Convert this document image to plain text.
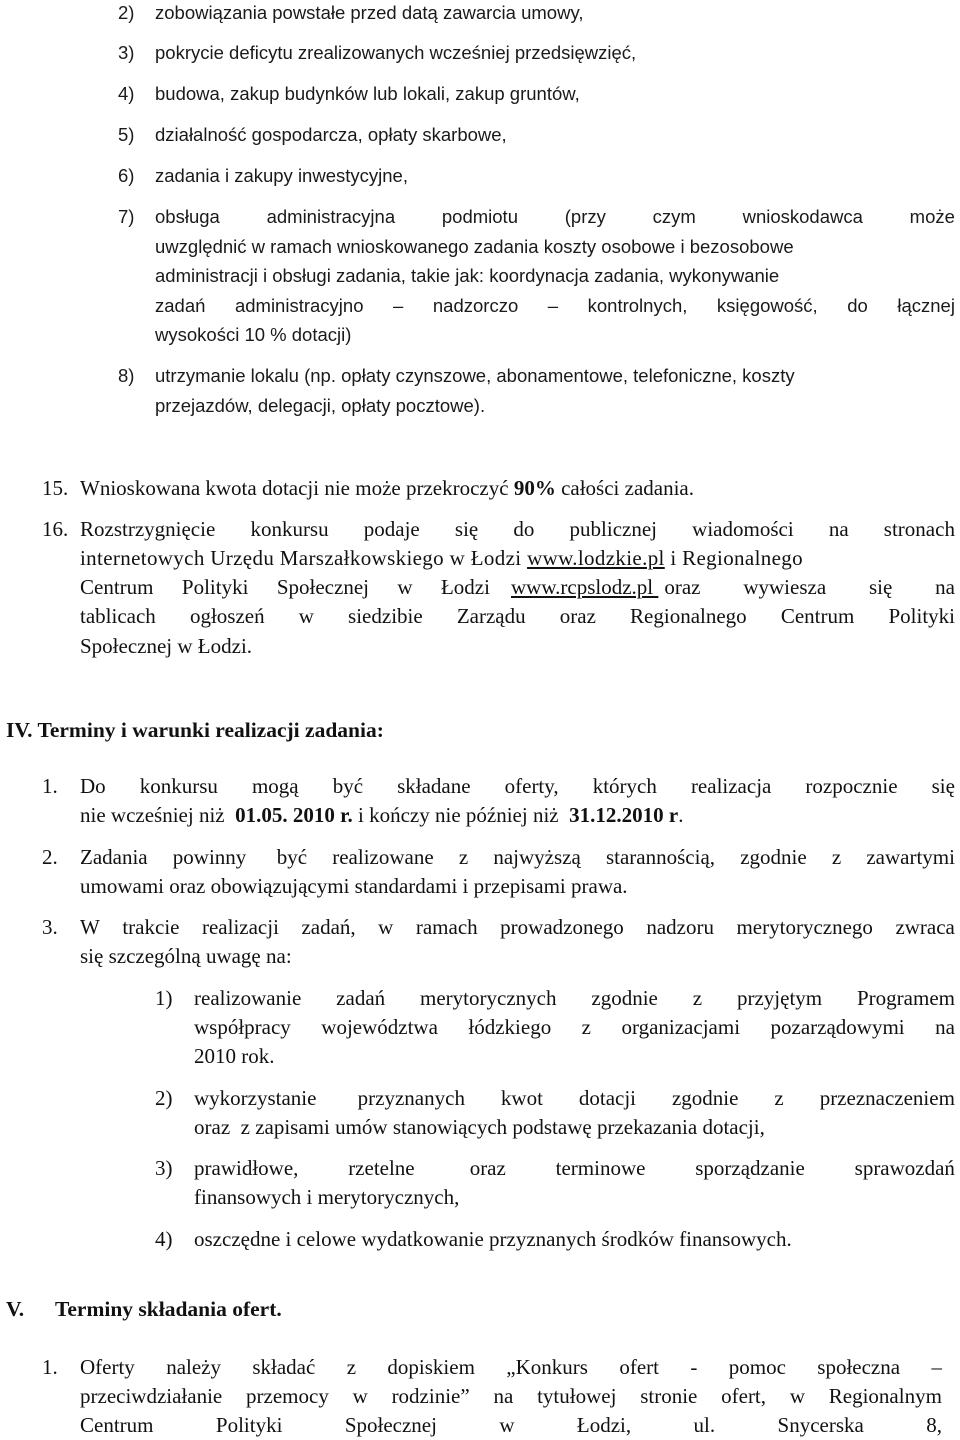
2) zobowiązania powstałe przed datą zawarcia umowy,
3) pokrycie deficytu zrealizowanych wcześniej przedsięwzięć,
4) budowa, zakup budynków lub lokali, zakup gruntów,
5) działalność gospodarcza, opłaty skarbowe,
6) zadania i zakupy inwestycyjne,
7) obsługa	administracyjna	podmiotu	(przy	czym	wnioskodawca	może
uwzględnić w ramach wnioskowanego zadania koszty osobowe i bezosobowe
administracji i obsługi zadania, takie jak: koordynacja zadania, wykonywanie
zadań administracyjno – nadzorczo – kontrolnych, księgowość, do łącznej
wysokości 10 % dotacji)
8) utrzymanie lokalu (np. opłaty czynszowe, abonamentowe, telefoniczne, koszty
przejazdów, delegacji, opłaty pocztowe).
15. Wnioskowana kwota dotacji nie może przekroczyć 90% całości zadania.
16. Rozstrzygnięcie konkursu podaje się do publicznej wiadomości na stronach
internetowych Urzędu Marszałkowskiego w Łodzi www.lodzkie.pl i Regionalnego
Centrum Polityki Społecznej w Łodzi www.rcpslodz.pl oraz wywiesza się na
tablicach ogłoszeń w siedzibie Zarządu oraz Regionalnego Centrum Polityki
Społecznej w Łodzi.
IV. Terminy i warunki realizacji zadania:
1. Do konkursu mogą być składane oferty, których realizacja rozpocznie się
nie wcześniej niż  01.05. 2010 r. i kończy nie później niż  31.12.2010 r.
2. Zadania powinny być realizowane z najwyższą starannością, zgodnie z zawartymi
umowami oraz obowiązującymi standardami i przepisami prawa.
3. W trakcie realizacji zadań, w ramach prowadzonego nadzoru merytorycznego zwraca
się szczególną uwagę na:
1) realizowanie zadań merytorycznych zgodnie z przyjętym Programem
współpracy województwa łódzkiego z organizacjami pozarządowymi na
2010 rok.
2) wykorzystanie przyznanych kwot dotacji zgodnie z przeznaczeniem
oraz  z zapisami umów stanowiących podstawę przekazania dotacji,
3) prawidłowe, rzetelne oraz terminowe sporządzanie sprawozdań
finansowych i merytorycznych,
4) oszczędne i celowe wydatkowanie przyznanych środków finansowych.
V. Terminy składania ofert.
1. Oferty należy składać z dopiskiem „Konkurs ofert - pomoc społeczna –
przeciwdziałanie przemocy w rodzinie” na tytułowej stronie ofert, w Regionalnym
Centrum	Polityki	Społecznej	w	Łodzi,	ul.	Snycerska	8,
